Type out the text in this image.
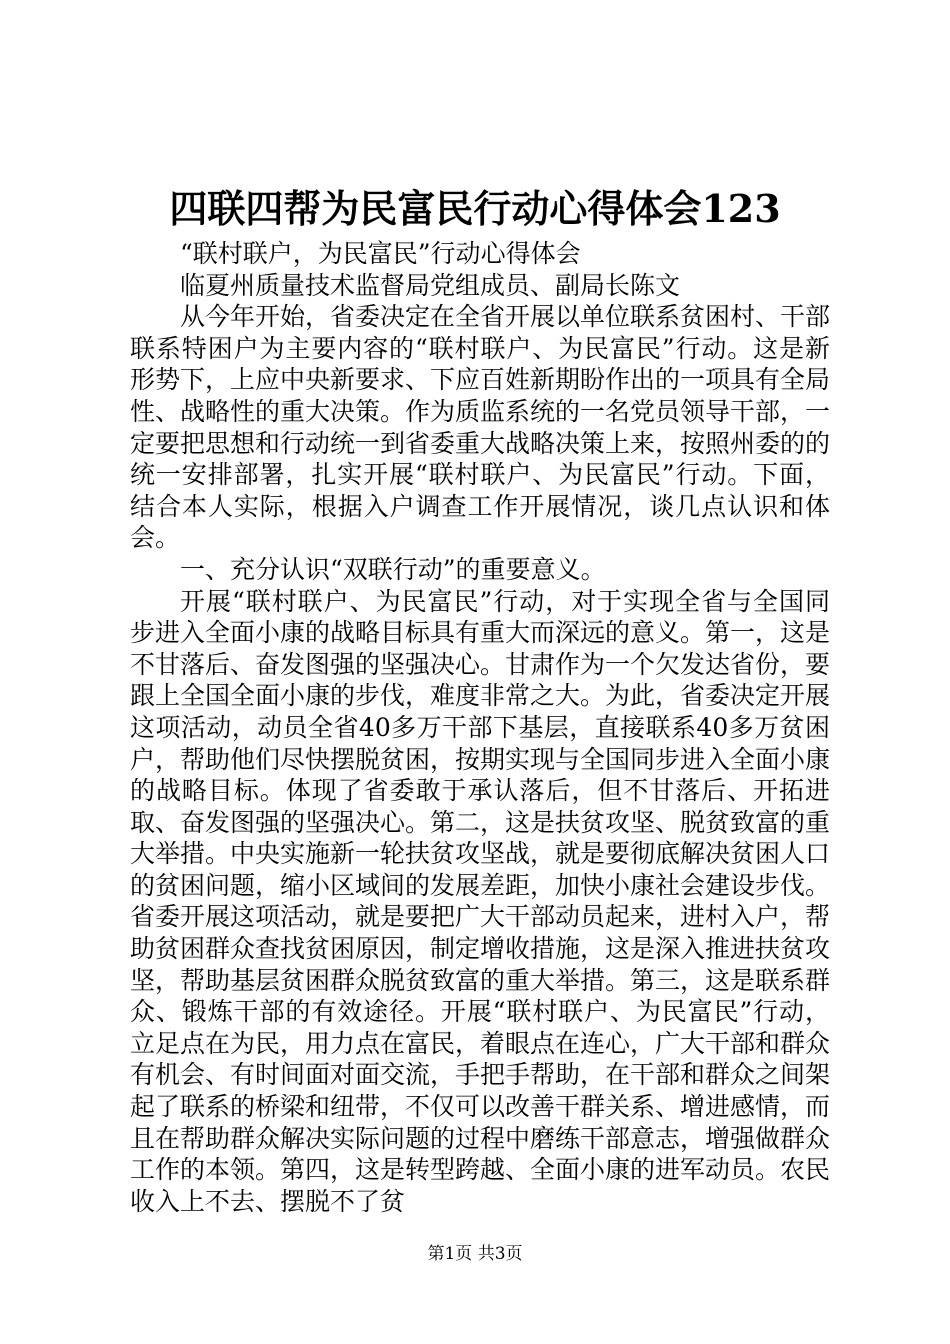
四联四帮为民富民行动心得体会123

“联村联户，为民富民”行动心得体会

临夏州质量技术监督局党组成员、副局长陈文

从今年开始，省委决定在全省开展以单位联系贫困村、干部联系特困户为主要内容的“联村联户、为民富民”行动。这是新形势下，上应中央新要求、下应百姓新期盼作出的一项具有全局性、战略性的重大决策。作为质监系统的一名党员领导干部，一定要把思想和行动统一到省委重大战略决策上来，按照州委的的统一安排部署，扎实开展“联村联户、为民富民”行动。下面，结合本人实际，根据入户调查工作开展情况，谈几点认识和体会。

一、充分认识“双联行动”的重要意义。

开展“联村联户、为民富民”行动，对于实现全省与全国同步进入全面小康的战略目标具有重大而深远的意义。第一，这是不甘落后、奋发图强的坚强决心。甘肃作为一个欠发达省份，要跟上全国全面小康的步伐，难度非常之大。为此，省委决定开展这项活动，动员全省40多万干部下基层，直接联系40多万贫困户，帮助他们尽快摆脱贫困，按期实现与全国同步进入全面小康的战略目标。体现了省委敢于承认落后，但不甘落后、开拓进取、奋发图强的坚强决心。第二，这是扶贫攻坚、脱贫致富的重大举措。中央实施新一轮扶贫攻坚战，就是要彻底解决贫困人口的贫困问题，缩小区域间的发展差距，加快小康社会建设步伐。省委开展这项活动，就是要把广大干部动员起来，进村入户，帮助贫困群众查找贫困原因，制定增收措施，这是深入推进扶贫攻坚，帮助基层贫困群众脱贫致富的重大举措。第三，这是联系群众、锻炼干部的有效途径。开展“联村联户、为民富民”行动，立足点在为民，用力点在富民，着眼点在连心，广大干部和群众有机会、有时间面对面交流，手把手帮助，在干部和群众之间架起了联系的桥梁和纽带，不仅可以改善干群关系、增进感情，而且在帮助群众解决实际问题的过程中磨练干部意志，增强做群众工作的本领。第四，这是转型跨越、全面小康的进军动员。农民收入上不去、摆脱不了贫

第1页 共3页
